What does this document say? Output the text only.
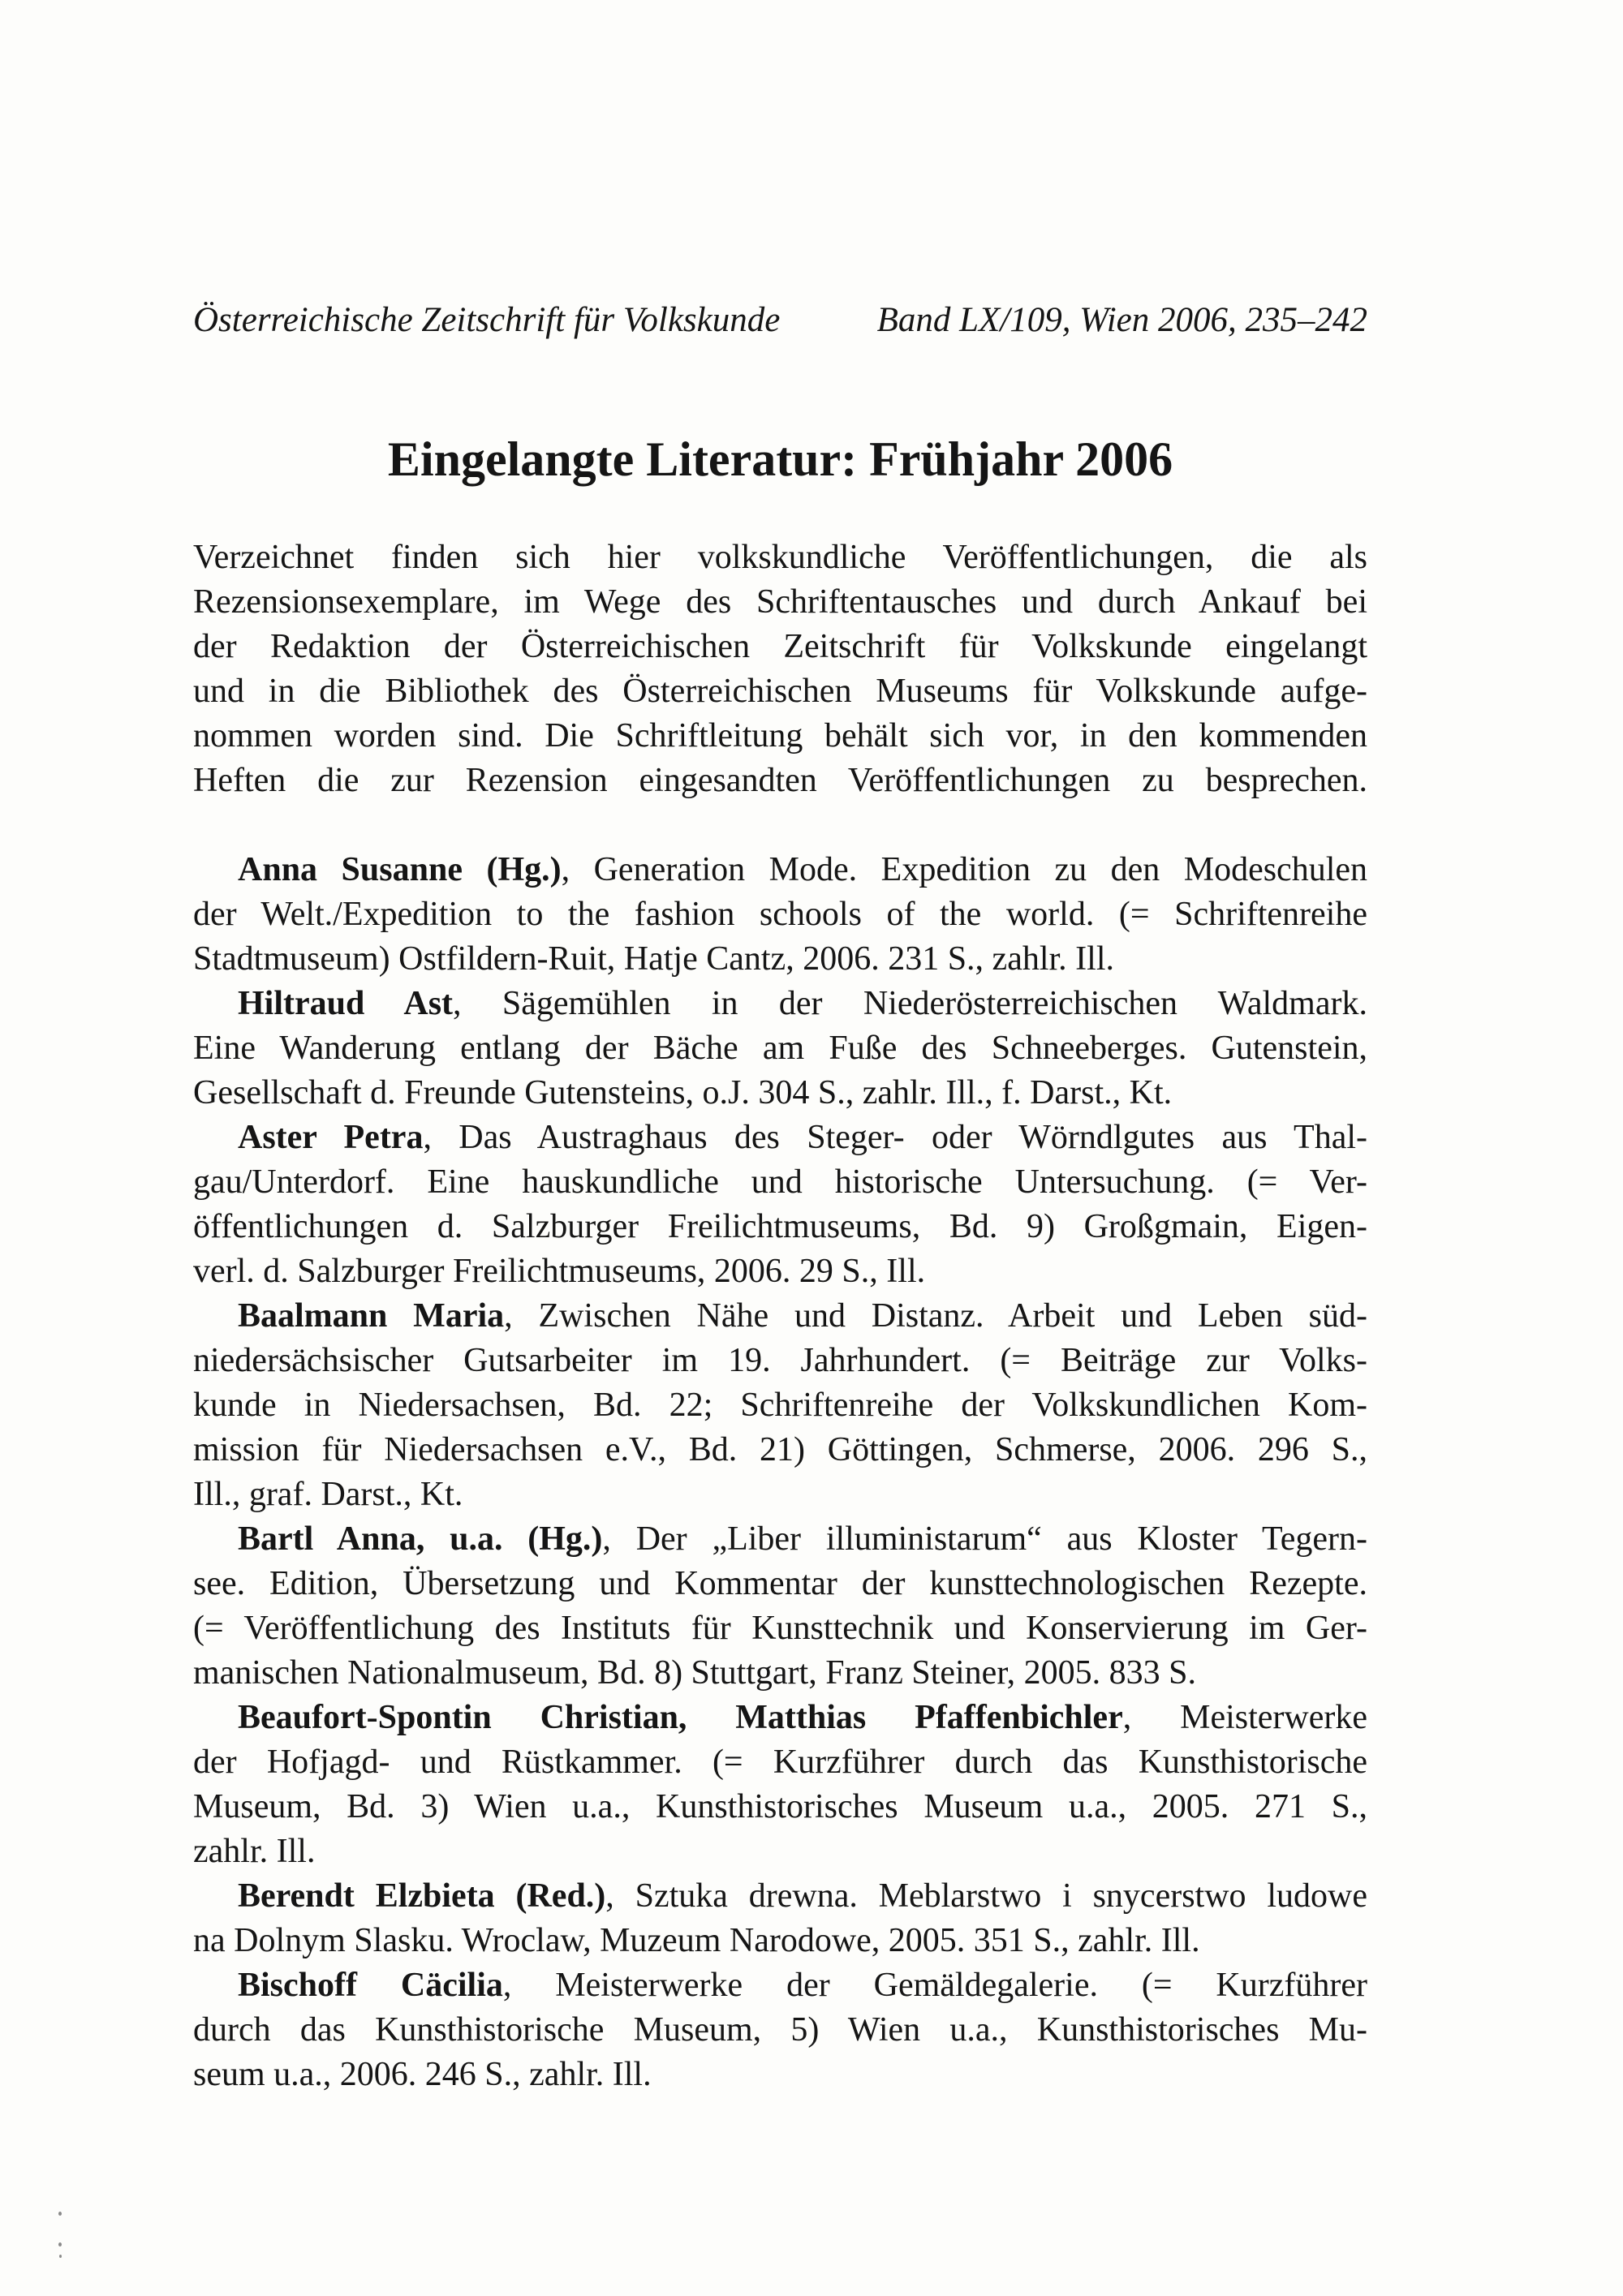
Österreichische Zeitschrift für Volkskunde	Band LX/109, Wien 2006, 235–242
Eingelangte Literatur: Frühjahr 2006
Verzeichnet finden sich hier volkskundliche Veröffentlichungen, die als
Rezensionsexemplare, im Wege des Schriftentausches und durch Ankauf bei
der Redaktion der Österreichischen Zeitschrift für Volkskunde eingelangt
und in die Bibliothek des Österreichischen Museums für Volkskunde aufge-
nommen worden sind. Die Schriftleitung behält sich vor, in den kommenden
Heften die zur Rezension eingesandten Veröffentlichungen zu besprechen.
Anna Susanne (Hg.), Generation Mode. Expedition zu den Modeschulen
der Welt./Expedition to the fashion schools of the world. (= Schriftenreihe
Stadtmuseum) Ostfildern-Ruit, Hatje Cantz, 2006. 231 S., zahlr. Ill.
Hiltraud Ast, Sägemühlen in der Niederösterreichischen Waldmark.
Eine Wanderung entlang der Bäche am Fuße des Schneeberges. Gutenstein,
Gesellschaft d. Freunde Gutensteins, o.J. 304 S., zahlr. Ill., f. Darst., Kt.
Aster Petra, Das Austraghaus des Steger- oder Wörndlgutes aus Thal-
gau/Unterdorf. Eine hauskundliche und historische Untersuchung. (= Ver-
öffentlichungen d. Salzburger Freilichtmuseums, Bd. 9) Großgmain, Eigen-
verl. d. Salzburger Freilichtmuseums, 2006. 29 S., Ill.
Baalmann Maria, Zwischen Nähe und Distanz. Arbeit und Leben süd-
niedersächsischer Gutsarbeiter im 19. Jahrhundert. (= Beiträge zur Volks-
kunde in Niedersachsen, Bd. 22; Schriftenreihe der Volkskundlichen Kom-
mission für Niedersachsen e.V., Bd. 21) Göttingen, Schmerse, 2006. 296 S.,
Ill., graf. Darst., Kt.
Bartl Anna, u.a. (Hg.), Der „Liber illuministarum“ aus Kloster Tegern-
see. Edition, Übersetzung und Kommentar der kunsttechnologischen Rezepte.
(= Veröffentlichung des Instituts für Kunsttechnik und Konservierung im Ger-
manischen Nationalmuseum, Bd. 8) Stuttgart, Franz Steiner, 2005. 833 S.
Beaufort-Spontin Christian, Matthias Pfaffenbichler, Meisterwerke
der Hofjagd- und Rüstkammer. (= Kurzführer durch das Kunsthistorische
Museum, Bd. 3) Wien u.a., Kunsthistorisches Museum u.a., 2005. 271 S.,
zahlr. Ill.
Berendt Elzbieta (Red.), Sztuka drewna. Meblarstwo i snycerstwo ludowe
na Dolnym Slasku. Wroclaw, Muzeum Narodowe, 2005. 351 S., zahlr. Ill.
Bischoff Cäcilia, Meisterwerke der Gemäldegalerie. (= Kurzführer
durch das Kunsthistorische Museum, 5) Wien u.a., Kunsthistorisches Mu-
seum u.a., 2006. 246 S., zahlr. Ill.
